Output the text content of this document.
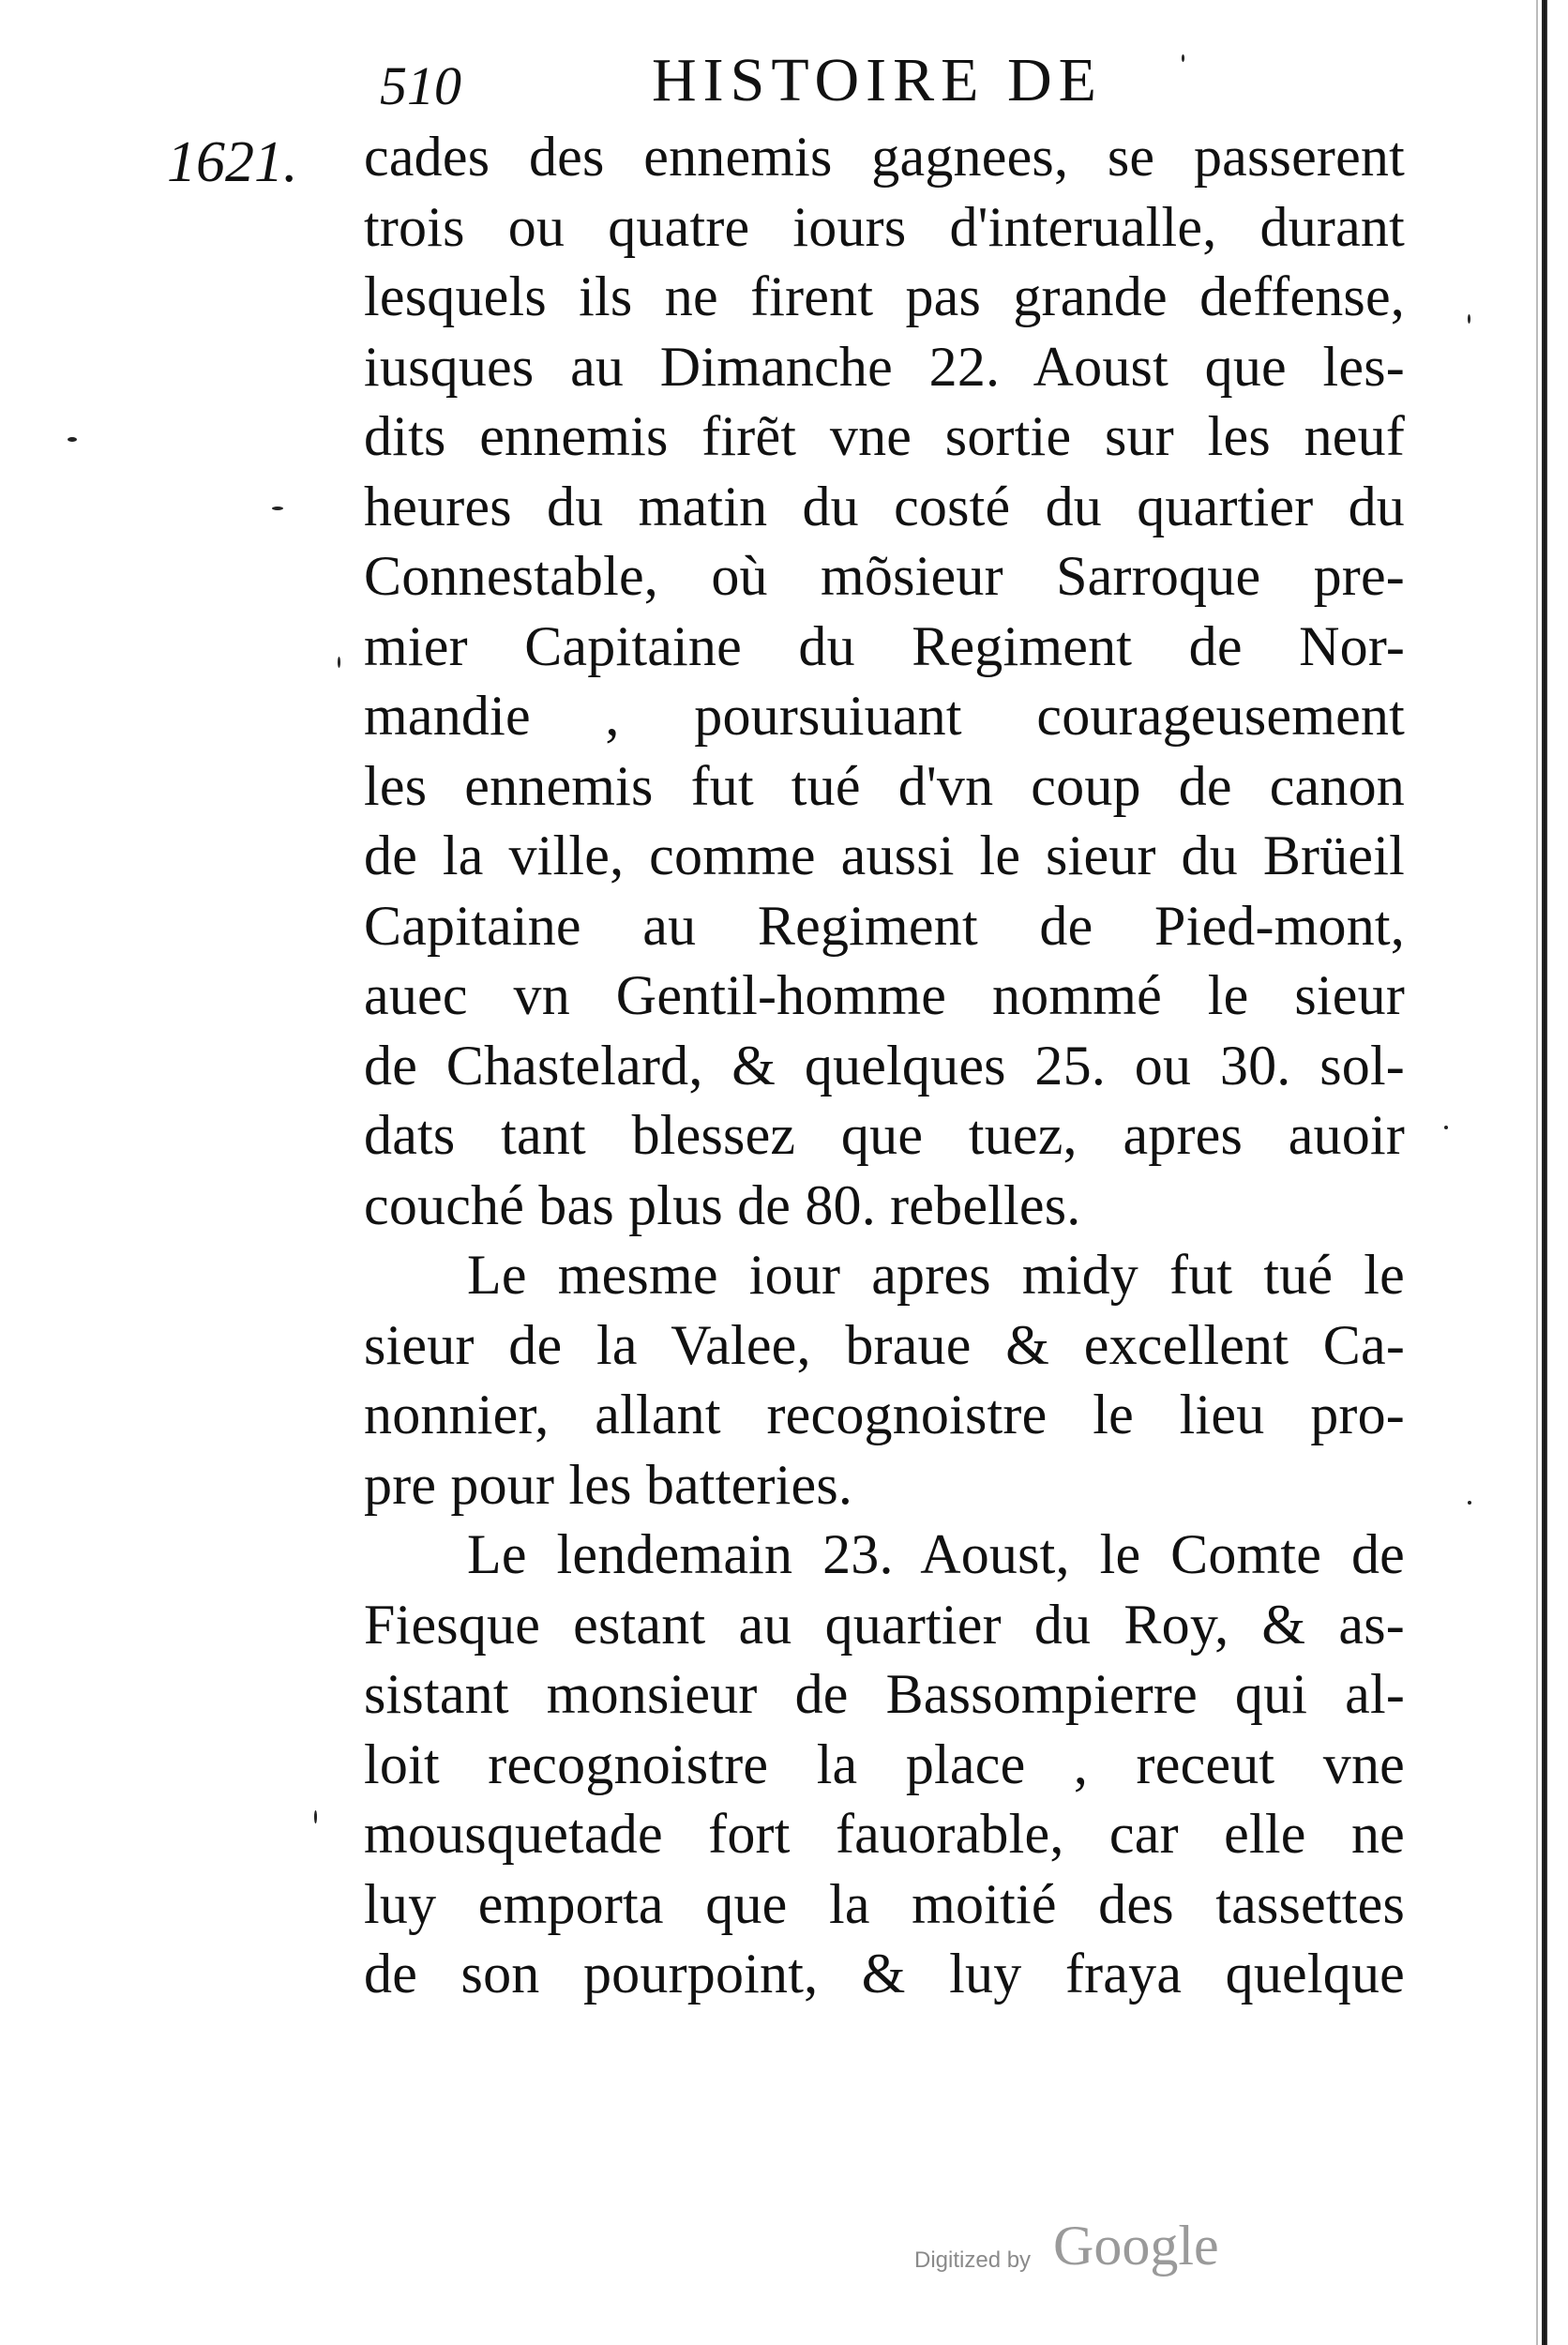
510	HISTOIRE DE
1621. cades des ennemis gagnees, se passerent
trois ou quatre iours d'interualle, durant
lesquels ils ne firent pas grande deffense,
iusques au Dimanche 22. Aoust que les-
dits ennemis firẽt vne sortie sur les neuf
heures du matin du costé du quartier du
Connestable, où mõsieur Sarroque pre-
mier Capitaine du Regiment de Nor-
mandie , poursuiuant courageusement
les ennemis fut tué d'vn coup de canon
de la ville, comme aussi le sieur du Brüeil
Capitaine au Regiment de Pied-mont,
auec vn Gentil-homme nommé le sieur
de Chastelard, & quelques 25. ou 30. sol-
dats tant blessez que tuez, apres auoir
couché bas plus de 80. rebelles.
Le mesme iour apres midy fut tué le
sieur de la Valee, braue & excellent Ca-
nonnier, allant recognoistre le lieu pro-
pre pour les batteries.
Le lendemain 23. Aoust, le Comte de
Fiesque estant au quartier du Roy, & as-
sistant monsieur de Bassompierre qui al-
loit recognoistre la place , receut vne
mousquetade fort fauorable, car elle ne
luy emporta que la moitié des tassettes
de son pourpoint, & luy fraya quelque
Digitized by Google
